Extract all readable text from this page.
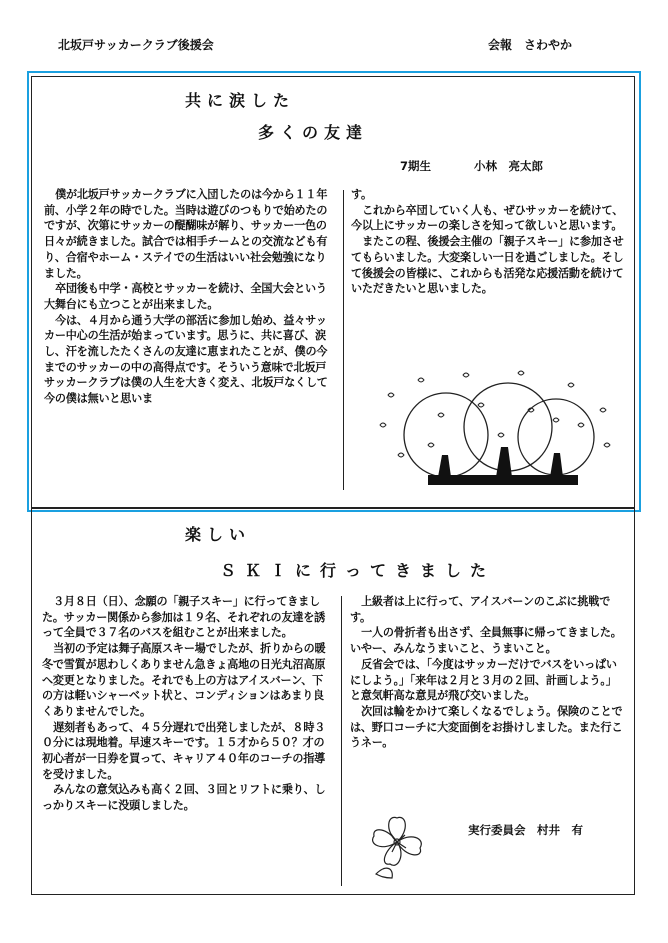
北坂戸サッカークラブ後援会	会報 さわやか
共に涙した
多くの友達
7期生	小林　亮太郎

僕が北坂戸サッカークラブに入団したのは今から１１年前、小学２年の時でした。当時は遊びのつもりで始めたのですが、次第にサッカーの醍醐味が解り、サッカー一色の日々が続きました。試合では相手チームとの交流なども有り、合宿やホーム・ステイでの生活はいい社会勉強になりました。

卒団後も中学・高校とサッカーを続け、全国大会という大舞台にも立つことが出来ました。

今は、４月から通う大学の部活に参加し始め、益々サッカー中心の生活が始まっています。思うに、共に喜び、涙し、汗を流したたくさんの友達に恵まれたことが、僕の今までのサッカーの中の高得点です。そういう意味で北坂戸サッカークラブは僕の人生を大きく変え、北坂戸なくして今の僕は無いと思いま

す。

これから卒団していく人も、ぜひサッカーを続けて、今以上にサッカーの楽しさを知って欲しいと思います。

またこの程、後援会主催の「親子スキー」に参加させてもらいました。大変楽しい一日を過ごしました。そして後援会の皆様に、これからも活発な応援活動を続けていただきたいと思いました。

楽しい
ＳＫＩに行ってきました

３月８日（日）、念願の「親子スキー」に行ってきました。サッカー関係から参加は１９名、それぞれの友達を誘って全員で３７名のバスを組むことが出来ました。

当初の予定は舞子高原スキー場でしたが、折りからの暖冬で雪質が思わしくありません急きょ高地の日光丸沼高原へ変更となりました。それでも上の方はアイスバーン、下の方は軽いシャーベット状と、コンディションはあまり良くありませんでした。

遅刻者もあって、４５分遅れで出発しましたが、８時３０分には現地着。早速スキーです。１５才から５０？才の初心者が一日券を買って、キャリア４０年のコーチの指導を受けました。

みんなの意気込みも高く２回、３回とリフトに乗り、しっかりスキーに没頭しました。

上級者は上に行って、アイスバーンのこぶに挑戦です。

一人の骨折者も出さず、全員無事に帰ってきました。いやー、みんなうまいこと、うまいこと。

反省会では、「今度はサッカーだけでバスをいっぱいにしよう。」「来年は２月と３月の２回、計画しよう。」と意気軒高な意見が飛び交いました。

次回は輪をかけて楽しくなるでしょう。保険のことでは、野口コーチに大変面倒をお掛けしました。また行こうネー。

実行委員会　村井　有
